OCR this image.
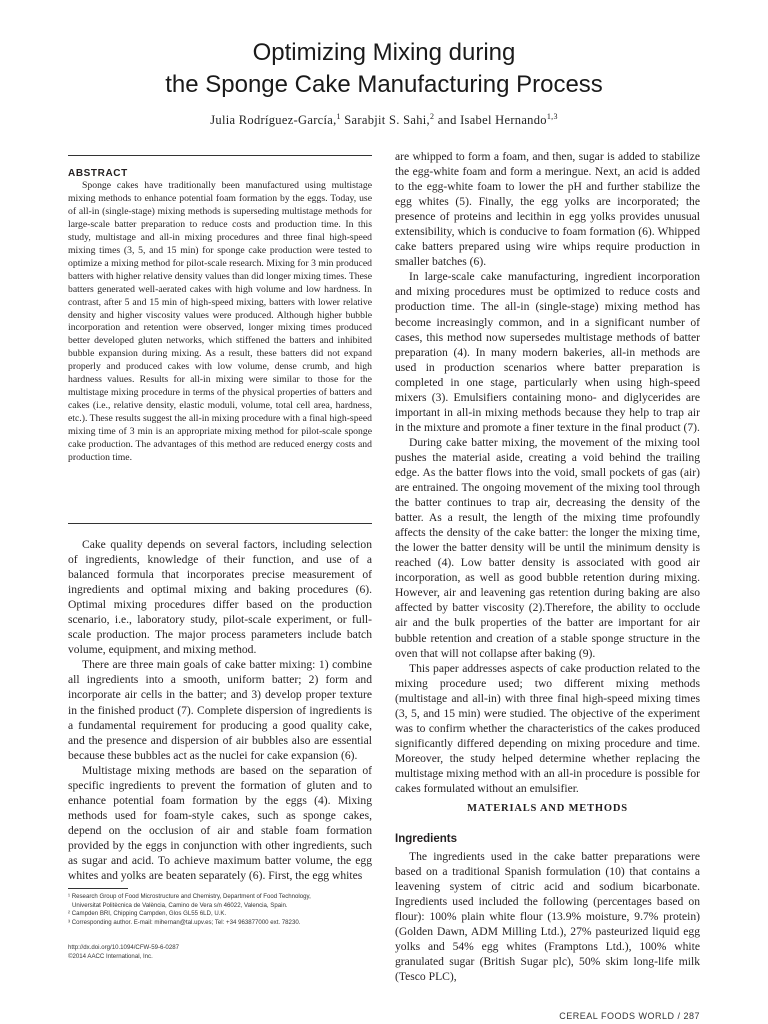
Optimizing Mixing during
the Sponge Cake Manufacturing Process
Julia Rodríguez-García,$^1$ Sarabjit S. Sahi,$^2$ and Isabel Hernando$^{1,3}$
ABSTRACT

Sponge cakes have traditionally been manufactured using multistage mixing methods to enhance potential foam formation by the eggs. Today, use of all-in (single-stage) mixing methods is superseding multistage methods for large-scale batter preparation to reduce costs and production time. In this study, multistage and all-in mixing procedures and three final high-speed mixing times (3, 5, and 15 min) for sponge cake production were tested to optimize a mixing method for pilot-scale research. Mixing for 3 min produced batters with higher relative density values than did longer mixing times. These batters generated well-aerated cakes with high volume and low hardness. In contrast, after 5 and 15 min of high-speed mixing, batters with lower relative density and higher viscosity values were produced. Although higher bubble incorporation and retention were observed, longer mixing times produced better developed gluten networks, which stiffened the batters and inhibited bubble expansion during mixing. As a result, these batters did not expand properly and produced cakes with low volume, dense crumb, and high hardness values. Results for all-in mixing were similar to those for the multistage mixing procedure in terms of the physical properties of batters and cakes (i.e., relative density, elastic moduli, volume, total cell area, hardness, etc.). These results suggest the all-in mixing procedure with a final high-speed mixing time of 3 min is an appropriate mixing method for pilot-scale sponge cake production. The advantages of this method are reduced energy costs and production time.

Cake quality depends on several factors, including selection of ingredients, knowledge of their function, and use of a balanced formula that incorporates precise measurement of ingredients and optimal mixing and baking procedures (6). Optimal mixing procedures differ based on the production scenario, i.e., laboratory study, pilot-scale experiment, or full-scale production. The major process parameters include batch volume, equipment, and mixing method.

There are three main goals of cake batter mixing: 1) combine all ingredients into a smooth, uniform batter; 2) form and incorporate air cells in the batter; and 3) develop proper texture in the finished product (7). Complete dispersion of ingredients is a fundamental requirement for producing a good quality cake, and the presence and dispersion of air bubbles also are essential because these bubbles act as the nuclei for cake expansion (6).

Multistage mixing methods are based on the separation of specific ingredients to prevent the formation of gluten and to enhance potential foam formation by the eggs (4). Mixing methods used for foam-style cakes, such as sponge cakes, depend on the occlusion of air and stable foam formation provided by the eggs in conjunction with other ingredients, such as sugar and acid. To achieve maximum batter volume, the egg whites and yolks are beaten separately (6). First, the egg whites

are whipped to form a foam, and then, sugar is added to stabilize the egg-white foam and form a meringue. Next, an acid is added to the egg-white foam to lower the pH and further stabilize the egg whites (5). Finally, the egg yolks are incorporated; the presence of proteins and lecithin in egg yolks provides unusual extensibility, which is conducive to foam formation (6). Whipped cake batters prepared using wire whips require production in smaller batches (6).

In large-scale cake manufacturing, ingredient incorporation and mixing procedures must be optimized to reduce costs and production time. The all-in (single-stage) mixing method has become increasingly common, and in a significant number of cases, this method now supersedes multistage methods of batter preparation (4). In many modern bakeries, all-in methods are used in production scenarios where batter preparation is completed in one stage, particularly when using high-speed mixers (3). Emulsifiers containing mono- and diglycerides are important in all-in mixing methods because they help to trap air in the mixture and promote a finer texture in the final product (7).

During cake batter mixing, the movement of the mixing tool pushes the material aside, creating a void behind the trailing edge. As the batter flows into the void, small pockets of gas (air) are entrained. The ongoing movement of the mixing tool through the batter continues to trap air, decreasing the density of the batter. As a result, the length of the mixing time profoundly affects the density of the cake batter: the longer the mixing time, the lower the batter density will be until the minimum density is reached (4). Low batter density is associated with good air incorporation, as well as good bubble retention during mixing. However, air and leavening gas retention during baking are also affected by batter viscosity (2).Therefore, the ability to occlude air and the bulk properties of the batter are important for air bubble retention and creation of a stable sponge structure in the oven that will not collapse after baking (9).

This paper addresses aspects of cake production related to the mixing procedure used; two different mixing methods (multistage and all-in) with three final high-speed mixing times (3, 5, and 15 min) were studied. The objective of the experiment was to confirm whether the characteristics of the cakes produced significantly differed depending on mixing procedure and time. Moreover, the study helped determine whether replacing the multistage mixing method with an all-in procedure is possible for cakes formulated without an emulsifier.

MATERIALS AND METHODS
Ingredients

The ingredients used in the cake batter preparations were based on a traditional Spanish formulation (10) that contains a leavening system of citric acid and sodium bicarbonate. Ingredients used included the following (percentages based on flour): 100% plain white flour (13.9% moisture, 9.7% protein) (Golden Dawn, ADM Milling Ltd.), 27% pasteurized liquid egg yolks and 54% egg whites (Framptons Ltd.), 100% white granulated sugar (British Sugar plc), 50% skim long-life milk (Tesco PLC),

¹ Research Group of Food Microstructure and Chemistry, Department of Food Technology,
Universitat Politècnica de València, Camino de Vera s/n 46022, Valencia, Spain.
² Campden BRI, Chipping Campden, Glos GL55 6LD, U.K.
³ Corresponding author. E-mail: mihernan@tal.upv.es; Tel: +34 963877000 ext. 78230.
http://dx.doi.org/10.1094/CFW-59-6-0287
©2014 AACC International, Inc.
CEREAL FOODS WORLD / 287
